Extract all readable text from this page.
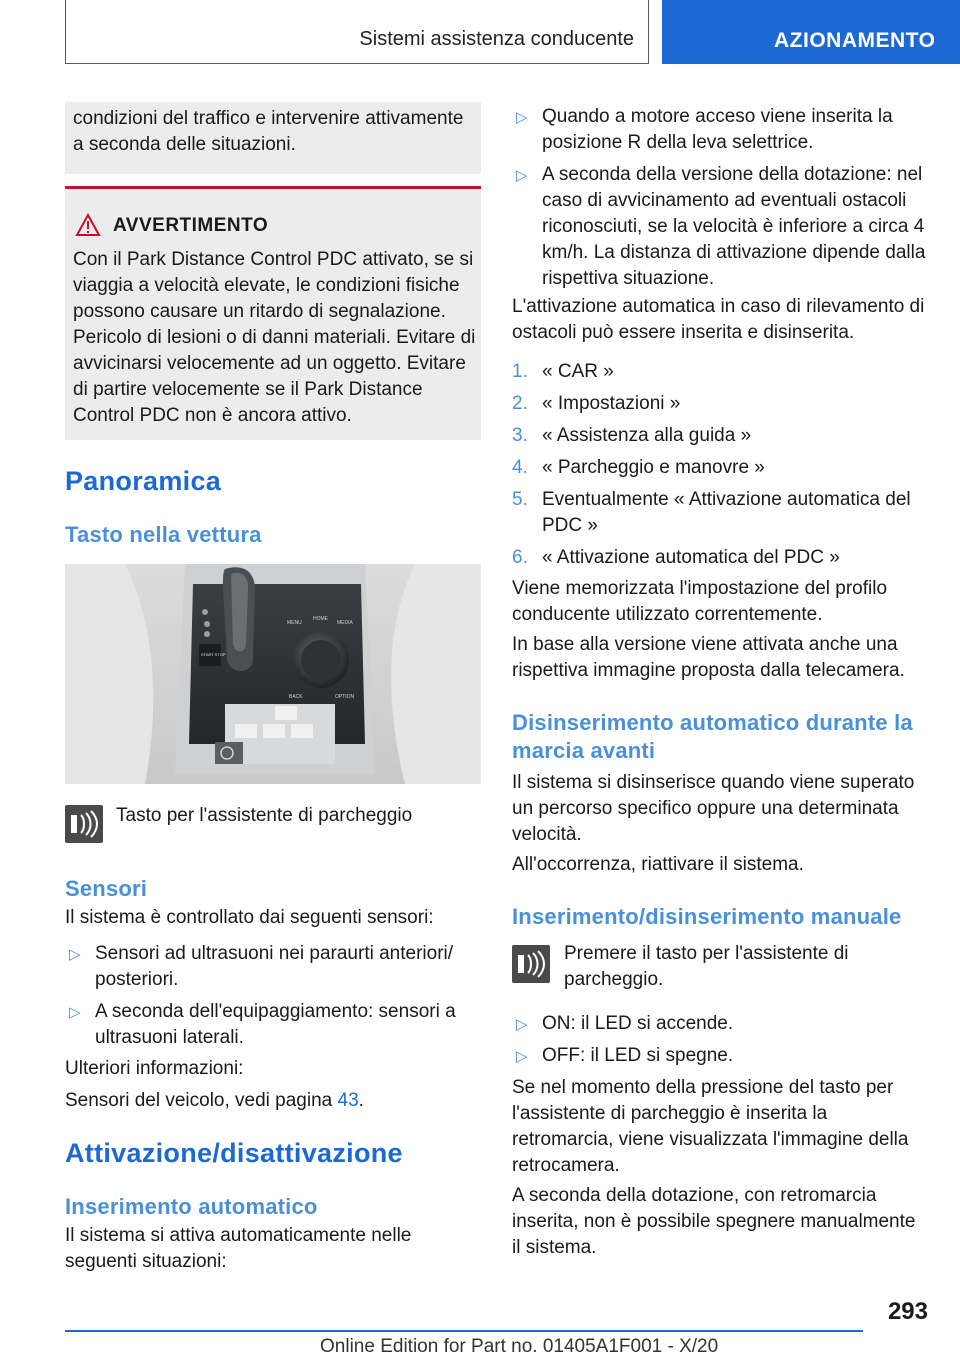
Sistemi assistenza conducente	AZIONAMENTO
condizioni del traffico e intervenire attivamente a seconda delle situazioni.
AVVERTIMENTO
Con il Park Distance Control PDC attivato, se si viaggia a velocità elevate, le condizioni fisiche possono causare un ritardo di segnalazione. Pericolo di lesioni o di danni materiali. Evitare di avvicinarsi velocemente ad un oggetto. Evitare di partire velocemente se il Park Distance Control PDC non è ancora attivo.
Panoramica
Tasto nella vettura
MENU
HOME
MEDIA
BACK	OPTION
START STOP
Tasto per l'assistente di parcheggio
Sensori
Il sistema è controllato dai seguenti sensori:
▷ Sensori ad ultrasuoni nei paraurti anteriori/ posteriori.
▷ A seconda dell'equipaggiamento: sensori a ultrasuoni laterali.
Ulteriori informazioni:
Sensori del veicolo, vedi pagina 43.
Attivazione/disattivazione
Inserimento automatico
Il sistema si attiva automaticamente nelle seguenti situazioni:
▷ Quando a motore acceso viene inserita la posizione R della leva selettrice.
▷ A seconda della versione della dotazione: nel caso di avvicinamento ad eventuali ostacoli riconosciuti, se la velocità è inferiore a circa 4 km/h. La distanza di attivazione dipende dalla rispettiva situazione.
L'attivazione automatica in caso di rilevamento di ostacoli può essere inserita e disinserita.
1. « CAR »
2. « Impostazioni »
3. « Assistenza alla guida »
4. « Parcheggio e manovre »
5. Eventualmente « Attivazione automatica del PDC »
6. « Attivazione automatica del PDC »
Viene memorizzata l'impostazione del profilo conducente utilizzato correntemente.
In base alla versione viene attivata anche una rispettiva immagine proposta dalla telecamera.
Disinserimento automatico durante la marcia avanti
Il sistema si disinserisce quando viene superato un percorso specifico oppure una determinata velocità.
All'occorrenza, riattivare il sistema.
Inserimento/disinserimento manuale
Premere il tasto per l'assistente di parcheggio.
▷ ON: il LED si accende.
▷ OFF: il LED si spegne.
Se nel momento della pressione del tasto per l'assistente di parcheggio è inserita la retromarcia, viene visualizzata l'immagine della retrocamera.
A seconda della dotazione, con retromarcia inserita, non è possibile spegnere manualmente il sistema.
293
Online Edition for Part no. 01405A1F001 - X/20
